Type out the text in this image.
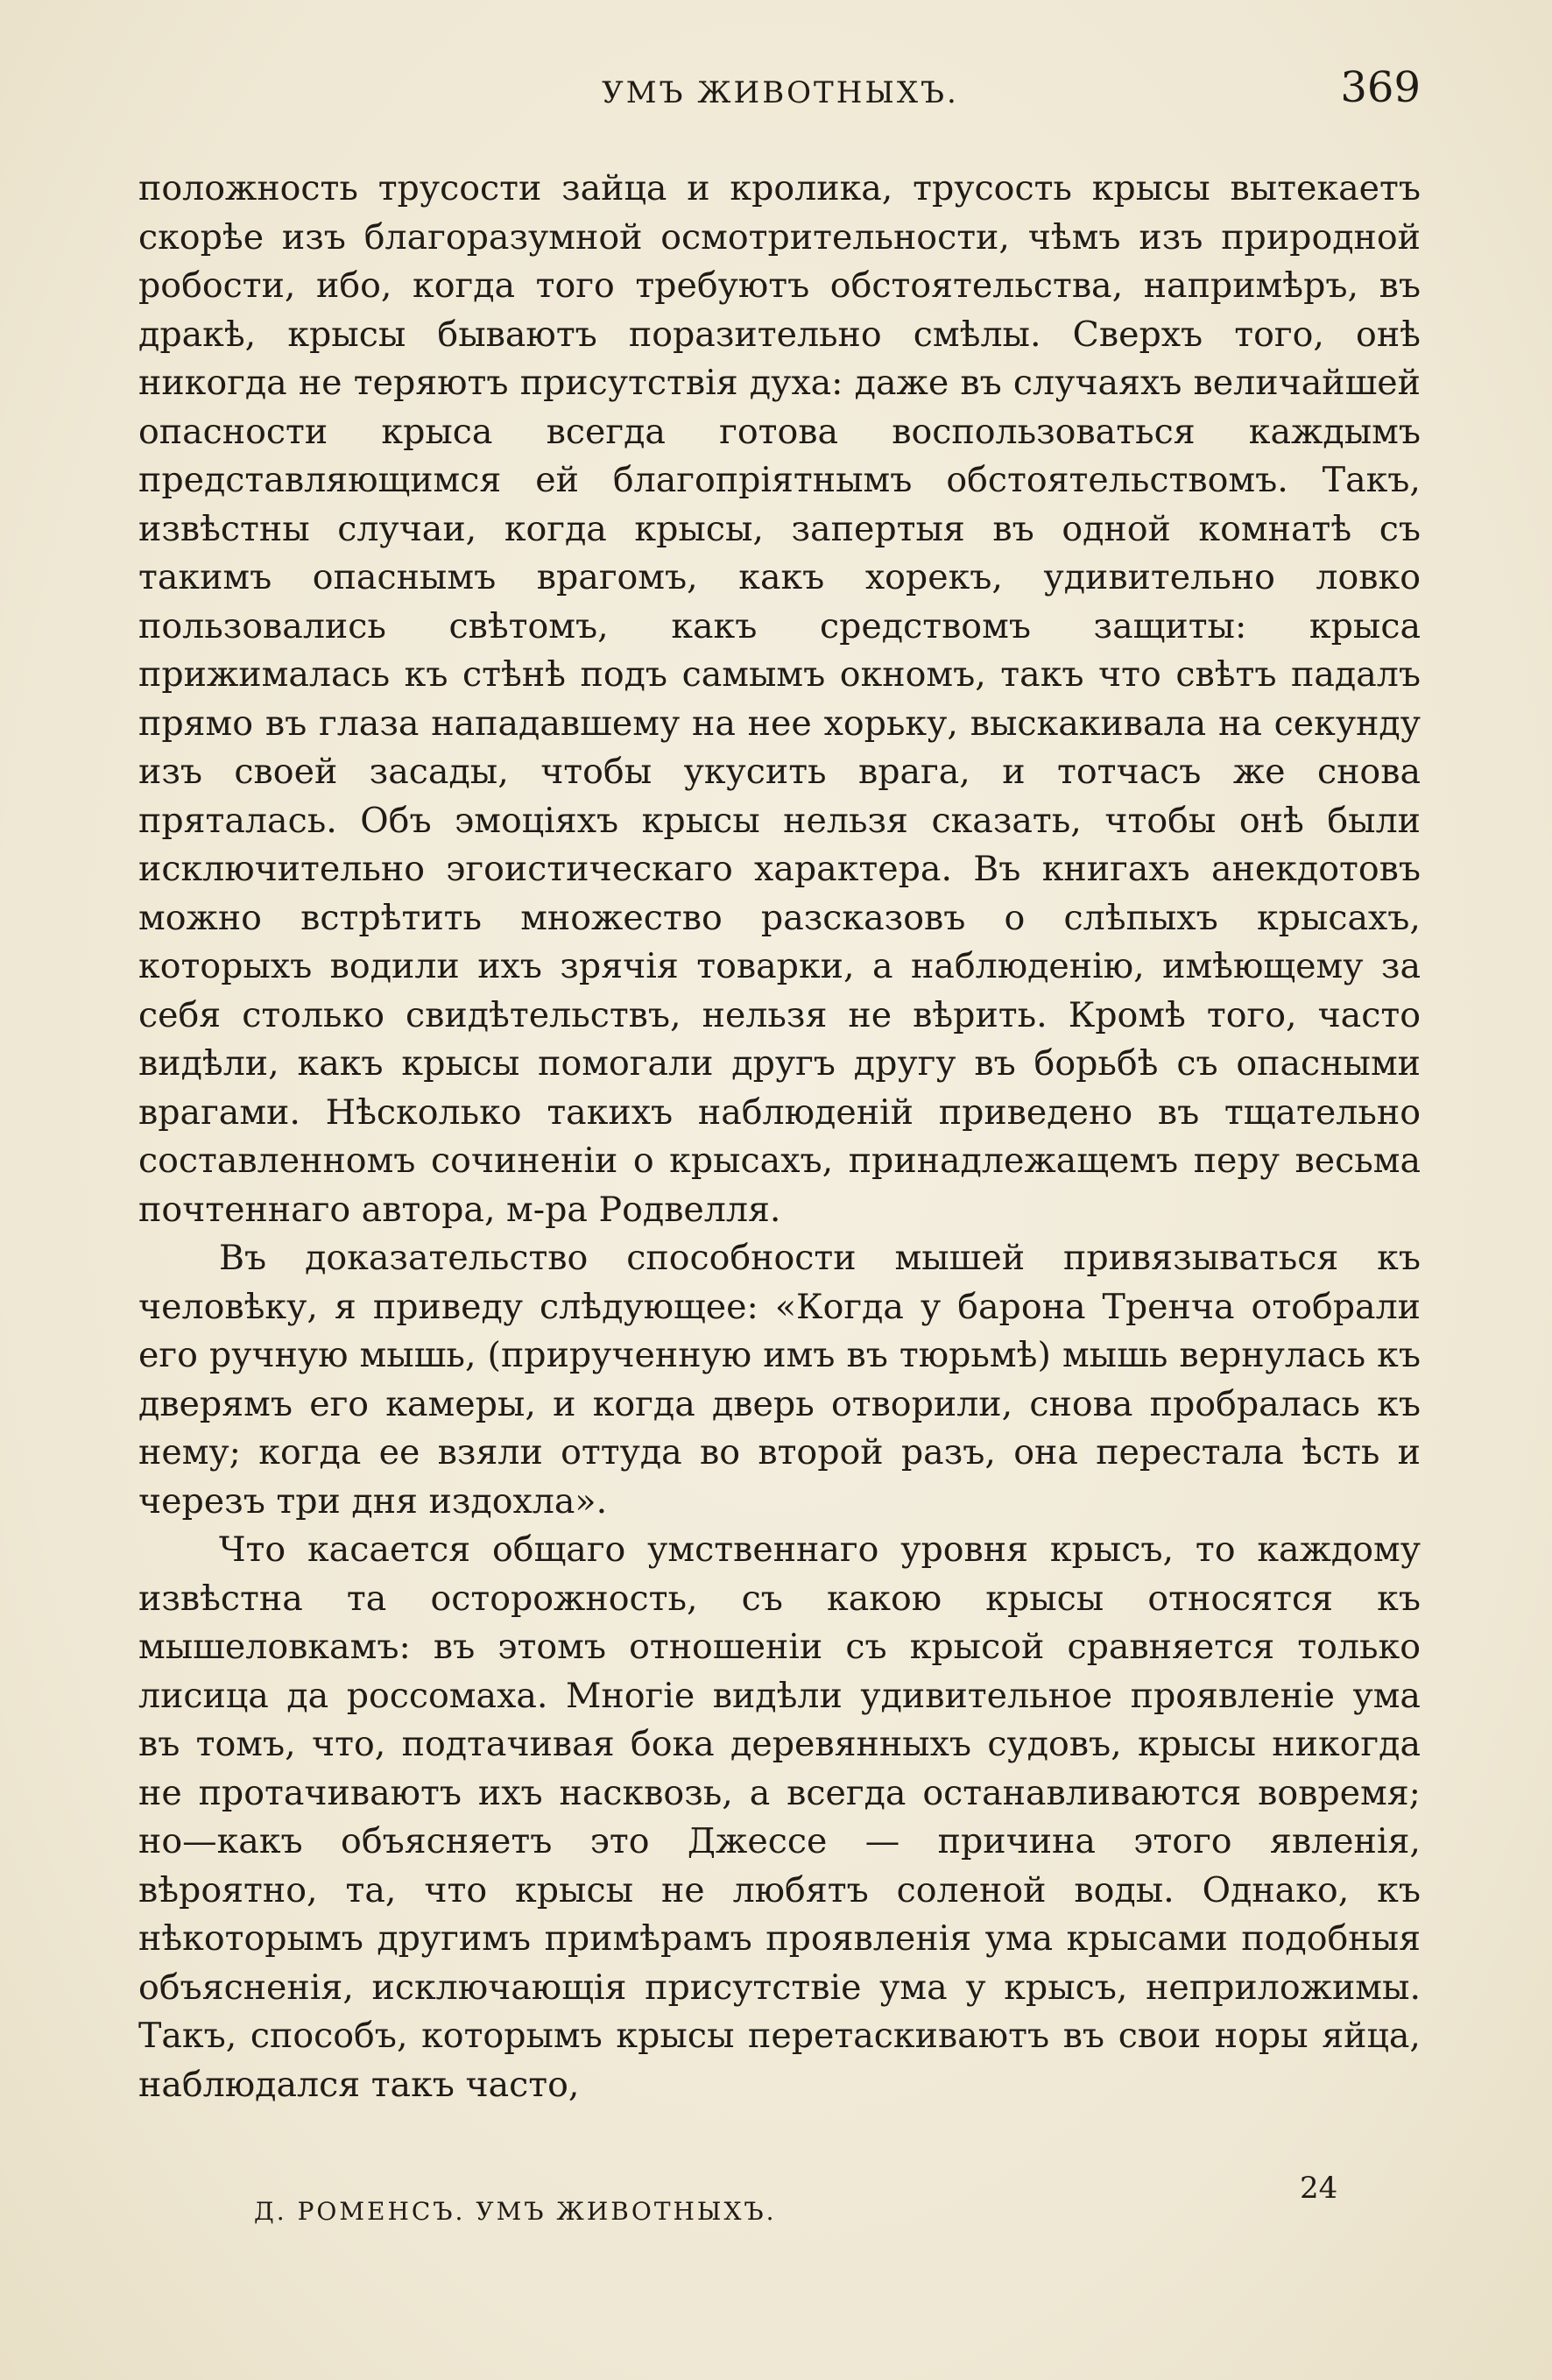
УМЪ ЖИВОТНЫХЪ.	369

положность трусости зайца и кролика, трусость крысы вытекаетъ скорѣе изъ благоразумной осмотрительности, чѣмъ изъ природной робости, ибо, когда того требуютъ обстоятельства, напримѣръ, въ дракѣ, крысы бываютъ поразительно смѣлы. Сверхъ того, онѣ никогда не теряютъ присутствія духа: даже въ случаяхъ величайшей опасности крыса всегда готова воспользоваться каждымъ представляющимся ей благопріятнымъ обстоятельствомъ. Такъ, извѣстны случаи, когда крысы, запертыя въ одной комнатѣ съ такимъ опаснымъ врагомъ, какъ хорекъ, удивительно ловко пользовались свѣтомъ, какъ средствомъ защиты: крыса прижималась къ стѣнѣ подъ самымъ окномъ, такъ что свѣтъ падалъ прямо въ глаза нападавшему на нее хорьку, выскакивала на секунду изъ своей засады, чтобы укусить врага, и тотчасъ же снова пряталась. Объ эмоціяхъ крысы нельзя сказать, чтобы онѣ были исключительно эгоистическаго характера. Въ книгахъ анекдотовъ можно встрѣтить множество разсказовъ о слѣпыхъ крысахъ, которыхъ водили ихъ зрячія товарки, а наблюденію, имѣющему за себя столько свидѣтельствъ, нельзя не вѣрить. Кромѣ того, часто видѣли, какъ крысы помогали другъ другу въ борьбѣ съ опасными врагами. Нѣсколько такихъ наблюденій приведено въ тщательно составленномъ сочиненіи о крысахъ, принадлежащемъ перу весьма почтеннаго автора, м-ра Родвелля.

Въ доказательство способности мышей привязываться къ человѣку, я приведу слѣдующее: «Когда у барона Тренча отобрали его ручную мышь, (прирученную имъ въ тюрьмѣ) мышь вернулась къ дверямъ его камеры, и когда дверь отворили, снова пробралась къ нему; когда ее взяли оттуда во второй разъ, она перестала ѣсть и черезъ три дня издохла».

Что касается общаго умственнаго уровня крысъ, то каждому извѣстна та осторожность, съ какою крысы относятся къ мышеловкамъ: въ этомъ отношеніи съ крысой сравняется только лисица да россомаха. Многіе видѣли удивительное проявленіе ума въ томъ, что, подтачивая бока деревянныхъ судовъ, крысы никогда не протачиваютъ ихъ насквозь, а всегда останавливаются вовремя; но—какъ объясняетъ это Джессе — причина этого явленія, вѣроятно, та, что крысы не любятъ соленой воды. Однако, къ нѣкоторымъ другимъ примѣрамъ проявленія ума крысами подобныя объясненія, исключающія присутствіе ума у крысъ, неприложимы. Такъ, способъ, которымъ крысы перетаскиваютъ въ свои норы яйца, наблюдался такъ часто,

Д. РОМЕНСЪ. УМЪ ЖИВОТНЫХЪ.
24
